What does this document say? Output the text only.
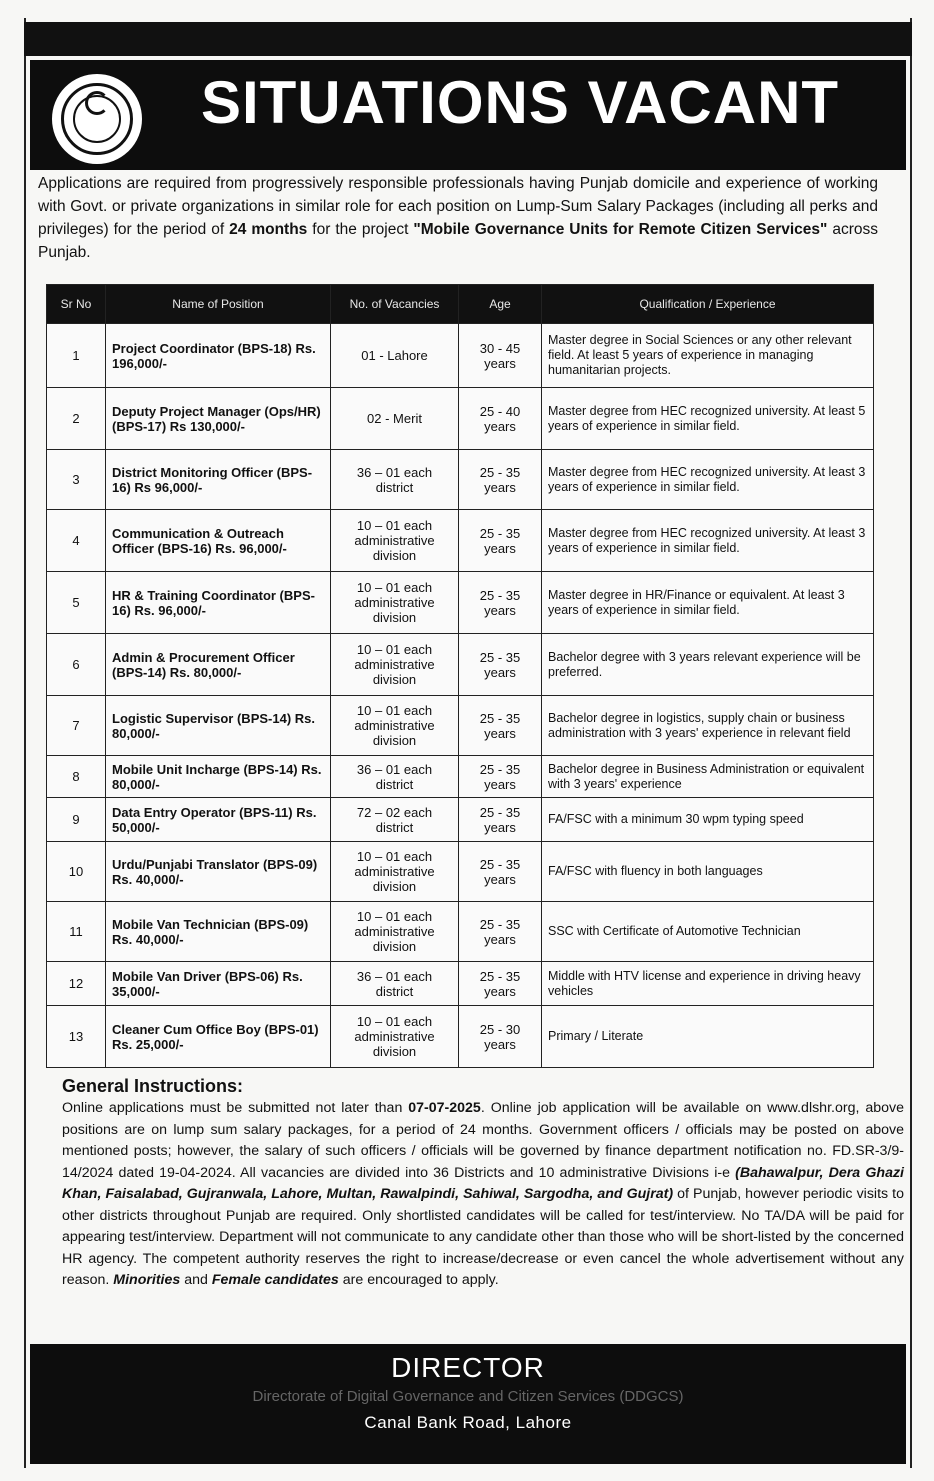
SITUATIONS VACANT
Applications are required from progressively responsible professionals having Punjab domicile and experience of working with Govt. or private organizations in similar role for each position on Lump-Sum Salary Packages (including all perks and privileges) for the period of 24 months for the project "Mobile Governance Units for Remote Citizen Services" across Punjab.
Sr No	Name of Position	No. of Vacancies	Age	Qualification / Experience
1	Project Coordinator (BPS-18) Rs. 196,000/-	01 - Lahore	30 - 45 years	Master degree in Social Sciences or any other relevant field. At least 5 years of experience in managing humanitarian projects.
2	Deputy Project Manager (Ops/HR) (BPS-17) Rs 130,000/-	02 - Merit	25 - 40 years	Master degree from HEC recognized university. At least 5 years of experience in similar field.
3	District Monitoring Officer (BPS-16) Rs 96,000/-	36 – 01 each district	25 - 35 years	Master degree from HEC recognized university. At least 3 years of experience in similar field.
4	Communication & Outreach Officer (BPS-16) Rs. 96,000/-	10 – 01 each administrative division	25 - 35 years	Master degree from HEC recognized university. At least 3 years of experience in similar field.
5	HR & Training Coordinator (BPS-16) Rs. 96,000/-	10 – 01 each administrative division	25 - 35 years	Master degree in HR/Finance or equivalent. At least 3 years of experience in similar field.
6	Admin & Procurement Officer (BPS-14) Rs. 80,000/-	10 – 01 each administrative division	25 - 35 years	Bachelor degree with 3 years relevant experience will be preferred.
7	Logistic Supervisor (BPS-14) Rs. 80,000/-	10 – 01 each administrative division	25 - 35 years	Bachelor degree in logistics, supply chain or business administration with 3 years' experience in relevant field
8	Mobile Unit Incharge (BPS-14) Rs. 80,000/-	36 – 01 each district	25 - 35 years	Bachelor degree in Business Administration or equivalent with 3 years' experience
9	Data Entry Operator (BPS-11) Rs. 50,000/-	72 – 02 each district	25 - 35 years	FA/FSC with a minimum 30 wpm typing speed
10	Urdu/Punjabi Translator (BPS-09) Rs. 40,000/-	10 – 01 each administrative division	25 - 35 years	FA/FSC with fluency in both languages
11	Mobile Van Technician (BPS-09) Rs. 40,000/-	10 – 01 each administrative division	25 - 35 years	SSC with Certificate of Automotive Technician
12	Mobile Van Driver (BPS-06) Rs. 35,000/-	36 – 01 each district	25 - 35 years	Middle with HTV license and experience in driving heavy vehicles
13	Cleaner Cum Office Boy (BPS-01) Rs. 25,000/-	10 – 01 each administrative division	25 - 30 years	Primary / Literate
General Instructions:
Online applications must be submitted not later than 07-07-2025. Online job application will be available on www.dlshr.org, above positions are on lump sum salary packages, for a period of 24 months. Government officers / officials may be posted on above mentioned posts; however, the salary of such officers / officials will be governed by finance department notification no. FD.SR-3/9-14/2024 dated 19-04-2024. All vacancies are divided into 36 Districts and 10 administrative Divisions i-e (Bahawalpur, Dera Ghazi Khan, Faisalabad, Gujranwala, Lahore, Multan, Rawalpindi, Sahiwal, Sargodha, and Gujrat) of Punjab, however periodic visits to other districts throughout Punjab are required. Only shortlisted candidates will be called for test/interview. No TA/DA will be paid for appearing test/interview. Department will not communicate to any candidate other than those who will be short-listed by the concerned HR agency. The competent authority reserves the right to increase/decrease or even cancel the whole advertisement without any reason. Minorities and Female candidates are encouraged to apply.
DIRECTOR
Directorate of Digital Governance and Citizen Services (DDGCS)
Canal Bank Road, Lahore
